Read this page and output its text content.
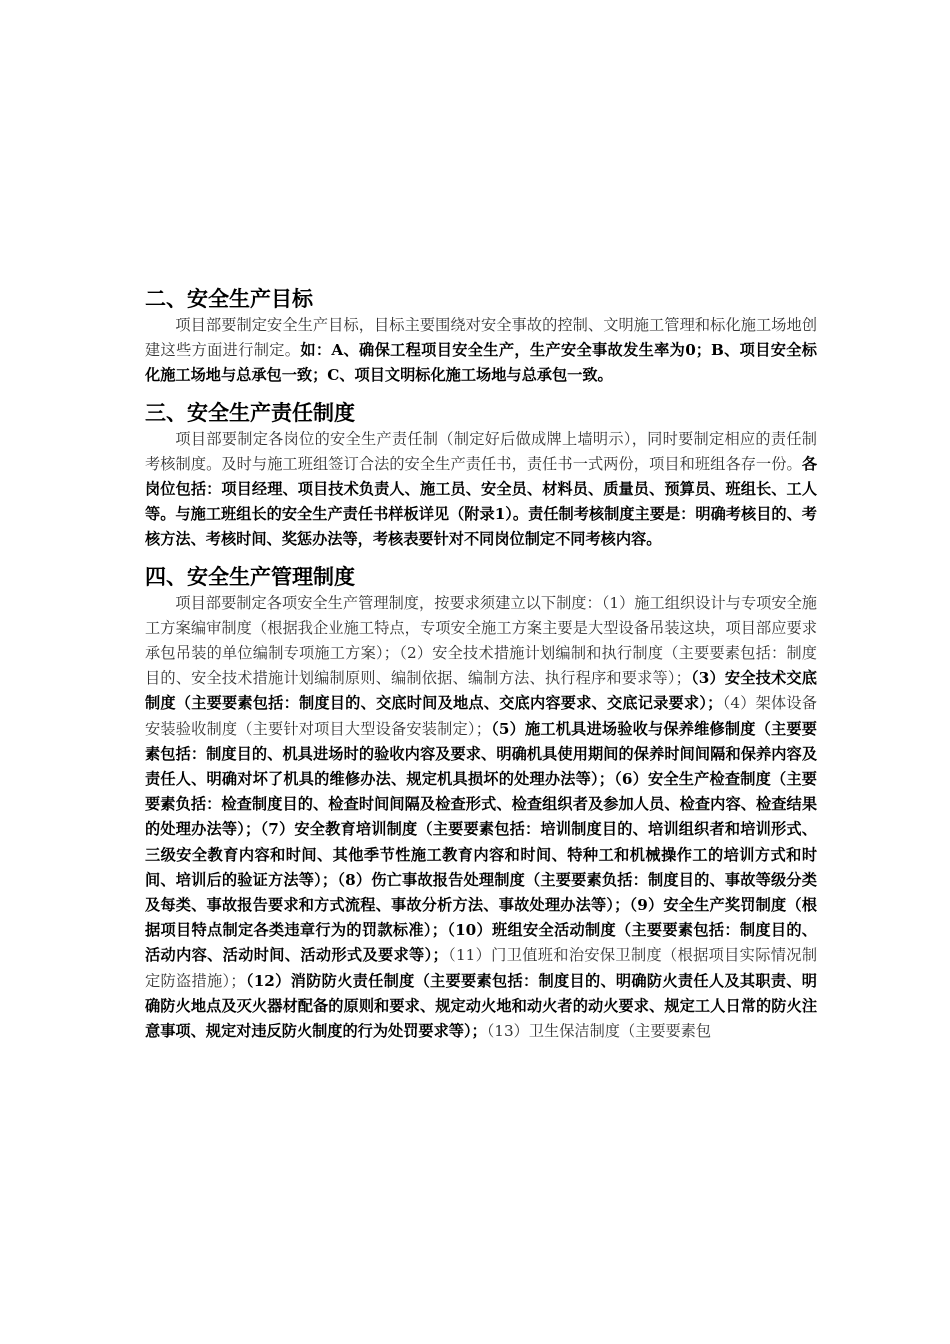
二、安全生产目标

项目部要制定安全生产目标，目标主要围绕对安全事故的控制、文明施工管理和标化施工场地创建这些方面进行制定。如：A、确保工程项目安全生产，生产安全事故发生率为0；B、项目安全标化施工场地与总承包一致；C、项目文明标化施工场地与总承包一致。

三、安全生产责任制度

项目部要制定各岗位的安全生产责任制（制定好后做成牌上墙明示），同时要制定相应的责任制考核制度。及时与施工班组签订合法的安全生产责任书，责任书一式两份，项目和班组各存一份。各岗位包括：项目经理、项目技术负责人、施工员、安全员、材料员、质量员、预算员、班组长、工人等。与施工班组长的安全生产责任书样板详见（附录1）。责任制考核制度主要是：明确考核目的、考核方法、考核时间、奖惩办法等，考核表要针对不同岗位制定不同考核内容。

四、安全生产管理制度

项目部要制定各项安全生产管理制度，按要求须建立以下制度：（1）施工组织设计与专项安全施工方案编审制度（根据我企业施工特点，专项安全施工方案主要是大型设备吊装这块，项目部应要求承包吊装的单位编制专项施工方案）；（2）安全技术措施计划编制和执行制度（主要要素包括：制度目的、安全技术措施计划编制原则、编制依据、编制方法、执行程序和要求等）；（3）安全技术交底制度（主要要素包括：制度目的、交底时间及地点、交底内容要求、交底记录要求）；（4）架体设备安装验收制度（主要针对项目大型设备安装制定）；（5）施工机具进场验收与保养维修制度（主要要素包括：制度目的、机具进场时的验收内容及要求、明确机具使用期间的保养时间间隔和保养内容及责任人、明确对坏了机具的维修办法、规定机具损坏的处理办法等）；（6）安全生产检查制度（主要要素负括：检查制度目的、检查时间间隔及检查形式、检查组织者及参加人员、检查内容、检查结果的处理办法等）；（7）安全教育培训制度（主要要素包括：培训制度目的、培训组织者和培训形式、三级安全教育内容和时间、其他季节性施工教育内容和时间、特种工和机械操作工的培训方式和时间、培训后的验证方法等）；（8）伤亡事故报告处理制度（主要要素负括：制度目的、事故等级分类及每类、事故报告要求和方式流程、事故分析方法、事故处理办法等）；（9）安全生产奖罚制度（根据项目特点制定各类违章行为的罚款标准）；（10）班组安全活动制度（主要要素包括：制度目的、活动内容、活动时间、活动形式及要求等）；（11）门卫值班和治安保卫制度（根据项目实际情况制定防盗措施）；（12）消防防火责任制度（主要要素包括：制度目的、明确防火责任人及其职责、明确防火地点及灭火器材配备的原则和要求、规定动火地和动火者的动火要求、规定工人日常的防火注意事项、规定对违反防火制度的行为处罚要求等）；（13）卫生保洁制度（主要要素包
